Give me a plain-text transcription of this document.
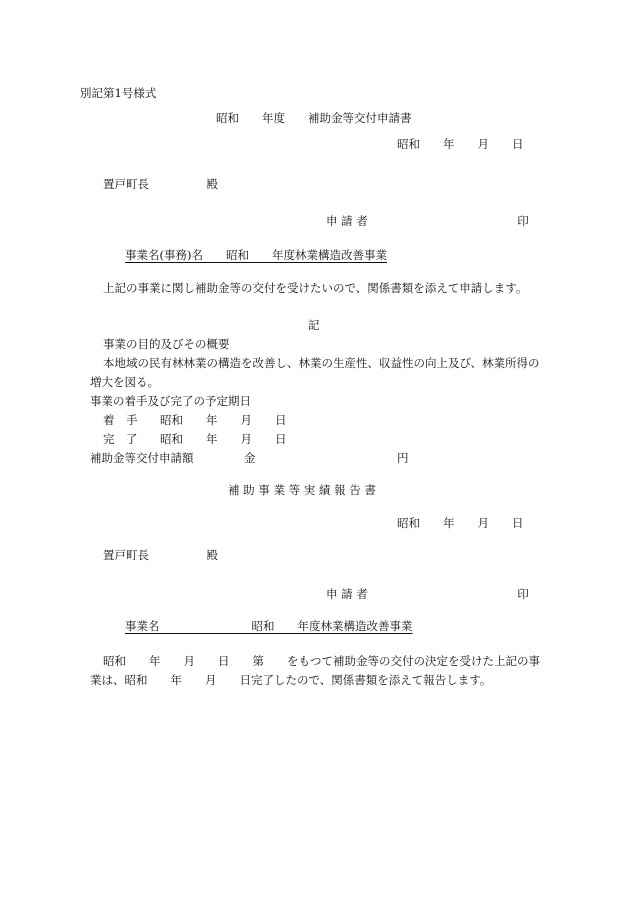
別記第1号様式
昭和　　年度　　補助金等交付申請書
昭和　　年　　月　　日
置戸町長　　　　　殿
申 請 者　　　　　　　　　　　　　印
事業名(事務)名　　昭和　　年度林業構造改善事業
上記の事業に関し補助金等の交付を受けたいので、関係書類を添えて申請します。
記
事業の目的及びその概要
本地域の民有林林業の構造を改善し、林業の生産性、収益性の向上及び、林業所得の
増大を図る。
事業の着手及び完了の予定期日
着　手 昭和　　年　　月　　日
完　了 昭和　　年　　月　　日
補助金等交付申請額	金	円
補 助 事 業 等 実 績 報 告 書
昭和　　年　　月　　日
置戸町長　　　　　殿
申 請 者　　　　　　　　　　　　　印
事業名　　　　　　　　昭和　　年度林業構造改善事業
昭和　　年　　月　　日　　第　　をもつて補助金等の交付の決定を受けた上記の事
業は、昭和　　年　　月　　日完了したので、関係書類を添えて報告します。
